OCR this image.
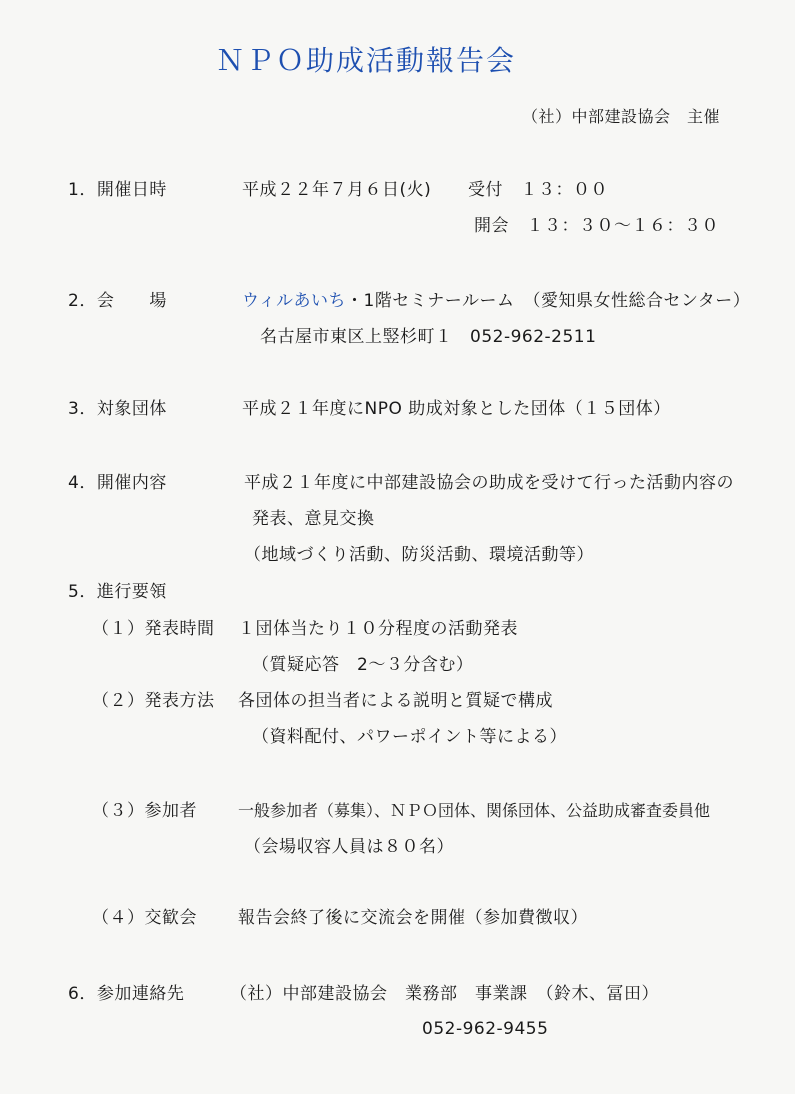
ＮＰＯ助成活動報告会
（社）中部建設協会　主催
1．開催日時	平成２２年７月６日(火) 受付　１３：００
開会　１３：３０〜１６：３０
2．会　　場	ウィルあいち・1階セミナールーム　（愛知県女性総合センター）
名古屋市東区上竪杉町１　052-962-2511
3．対象団体	平成２１年度にNPO 助成対象とした団体（１５団体）
4．開催内容	平成２１年度に中部建設協会の助成を受けて行った活動内容の
発表、意見交換
（地域づくり活動、防災活動、環境活動等）
5．進行要領
（１）発表時間 １団体当たり１０分程度の活動発表
（質疑応答　2〜３分含む）
（２）発表方法 各団体の担当者による説明と質疑で構成
（資料配付、パワーポイント等による）
（３）参加者	一般参加者（募集）、ＮＰＯ団体、関係団体、公益助成審査委員他
（会場収容人員は８０名）
（４）交歓会 報告会終了後に交流会を開催（参加費徴収）
6．参加連絡先	（社）中部建設協会　業務部　事業課　（鈴木、冨田）
052-962-9455
